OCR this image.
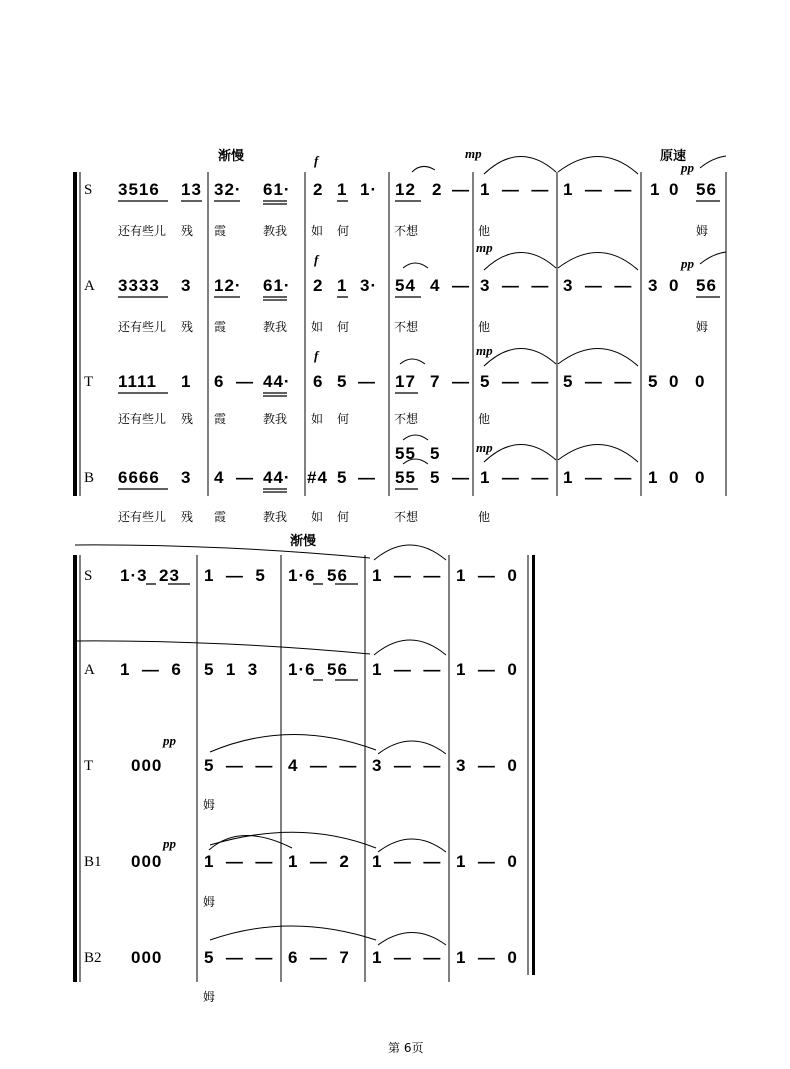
渐慢	原速
渐慢
S 3516 13 32· 61· 2 1 1· 12 2 — 1  —  — 1  —  — 1 0 56
f	mp
pp
还有些儿 残 霞	教我 如 何	不想	他	姆
A 3333 3 12· 61· 2 1 3· 54 4 — 3  —  — 3  —  — 3 0 56
f
mp
pp
还有些儿 残 霞	教我 如 何	不想	他	姆
T 1111 1 6 — 44· 6 5 — 17 7 — 5  —  — 5  —  — 5 0 0
f	mp
还有些儿 残 霞	教我 如 何	不想	他
B 6666 3 4 — 44· #4 5 — 55 5 — 1  —  — 1  —  — 1 0 0
55 5	mp
还有些儿 残 霞	教我 如 何	不想	他
S 1·3  23 1  —  5 1·6  56 1  —  — 1  —  0
A 1  —  6 5  1  3 1·6  56 1  —  — 1  —  0
T 000 5  —  — 4  —  — 3  —  — 3  —  0
pp
姆
B1 000 1  —  — 1  —  2 1  —  — 1  —  0
pp
姆
B2 000 5  —  — 6  —  7 1  —  — 1  —  0
姆
第 6页
